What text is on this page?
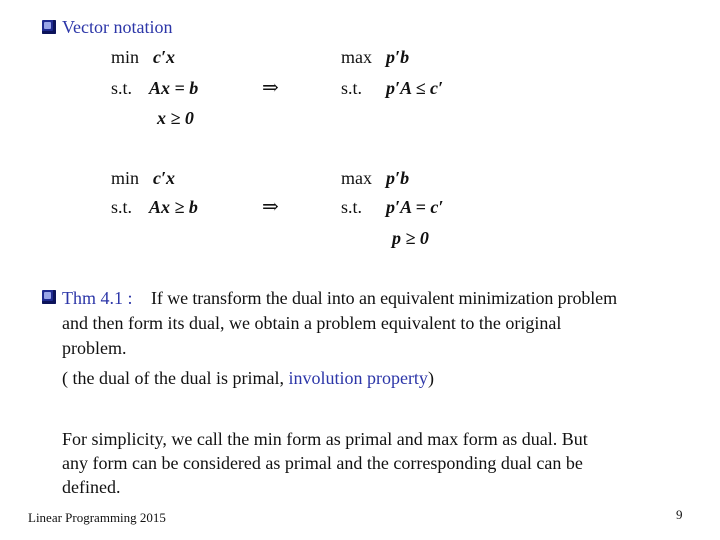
Vector notation
min c′x
s.t. Ax = b
x ≥ 0
⇒
max p′b
s.t. p′A ≤ c′
min c′x
s.t. Ax ≥ b	⇒
max p′b
s.t. p′A = c′
p ≥ 0
Thm 4.1 : If we transform the dual into an equivalent minimization problem
and then form its dual, we obtain a problem equivalent to the original
problem.
( the dual of the dual is primal, involution property)
For simplicity, we call the min form as primal and max form as dual. But
any form can be considered as primal and the corresponding dual can be
defined.
Linear Programming 2015	9
